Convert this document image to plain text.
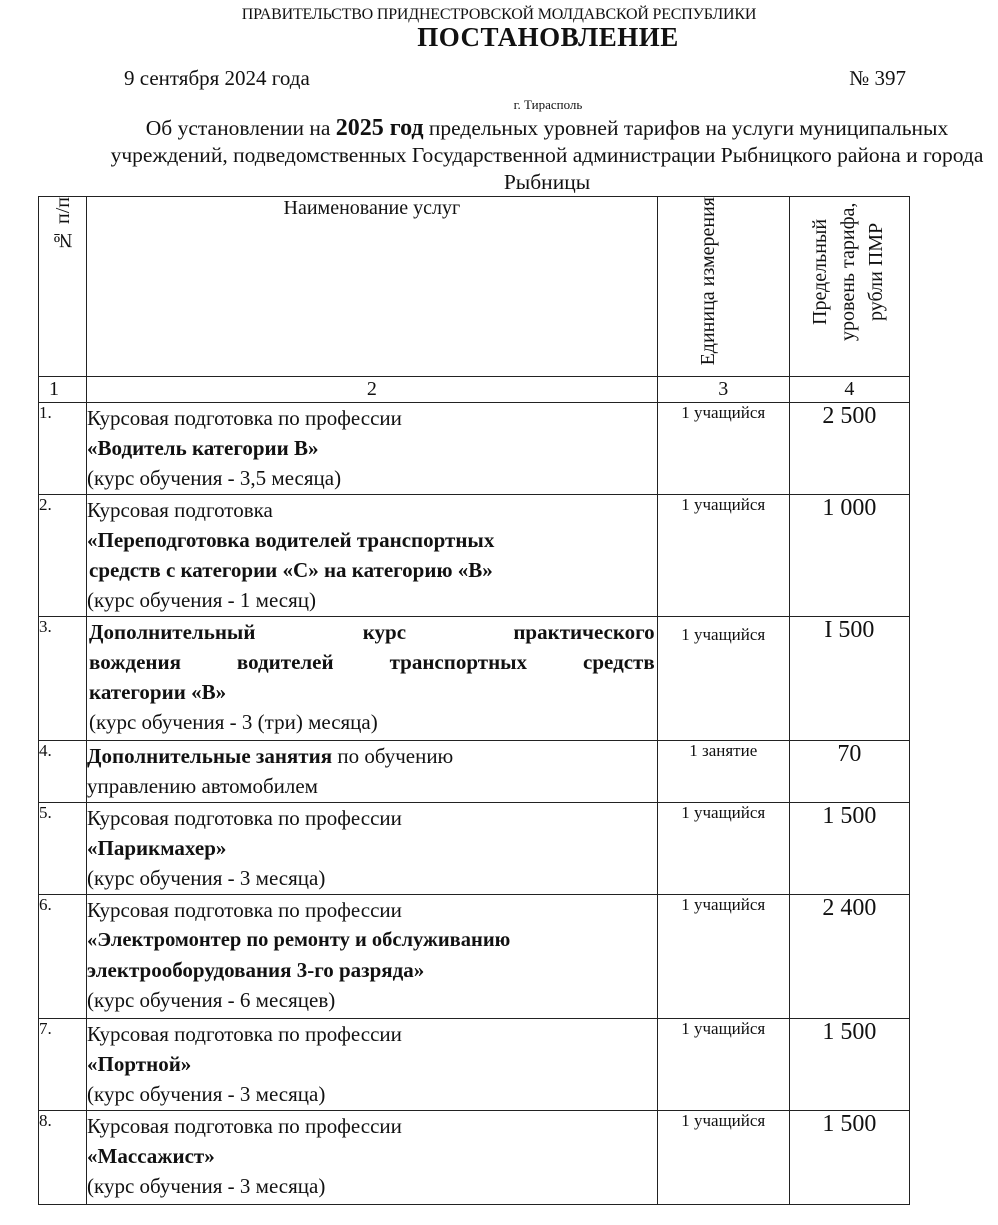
ПРАВИТЕЛЬСТВО ПРИДНЕСТРОВСКОЙ МОЛДАВСКОЙ РЕСПУБЛИКИ
ПОСТАНОВЛЕНИЕ
9 сентября 2024 года	№ 397
г. Тирасполь
Об установлении на 2025 год предельных уровней тарифов на услуги муниципальных учреждений, подведомственных Государственной администрации Рыбницкого района и города Рыбницы
№ п/п	Наименование услуг	Единица измерения	Предельный уровень тарифа, рубли ПМР
1	2	3	4
1.	Курсовая подготовка по профессии
«Водитель категории В»
(курс обучения - 3,5 месяца)	1 учащийся	2 500
2.	Курсовая подготовка
«Переподготовка водителей транспортных
средств с категории «С» на категорию «В»
(курс обучения - 1 месяц)	1 учащийся	1 000
3.	Дополнительный курс практического
вождения водителей транспортных средств
категории «В»
(курс обучения - 3 (три) месяца)	1 учащийся	I 500
4.	Дополнительные занятия по обучению
управлению автомобилем	1 занятие	70
5.	Курсовая подготовка по профессии
«Парикмахер»
(курс обучения - 3 месяца)	1 учащийся	1 500
6.	Курсовая подготовка по профессии
«Электромонтер по ремонту и обслуживанию
электрооборудования 3-го разряда»
(курс обучения - 6 месяцев)	1 учащийся	2 400
7.	Курсовая подготовка по профессии
«Портной»
(курс обучения - 3 месяца)	1 учащийся	1 500
8.	Курсовая подготовка по профессии
«Массажист»
(курс обучения - 3 месяца)	1 учащийся	1 500
